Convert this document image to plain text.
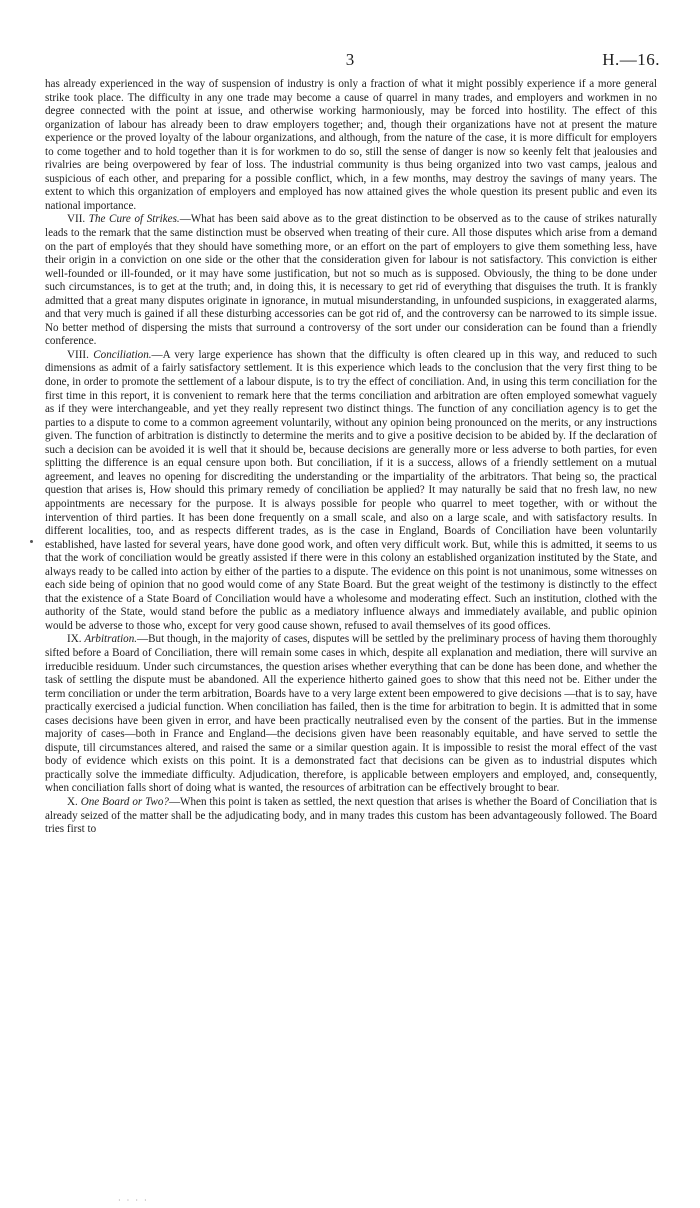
3	H.—16.

has already experienced in the way of suspension of industry is only a fraction of what it might possibly experience if a more general strike took place. The difficulty in any one trade may become a cause of quarrel in many trades, and employers and workmen in no degree connected with the point at issue, and otherwise working harmoniously, may be forced into hostility. The effect of this organization of labour has already been to draw employers together; and, though their organizations have not at present the mature experience or the proved loyalty of the labour organizations, and although, from the nature of the case, it is more difficult for employers to come together and to hold together than it is for workmen to do so, still the sense of danger is now so keenly felt that jealousies and rivalries are being overpowered by fear of loss. The industrial community is thus being organized into two vast camps, jealous and suspicious of each other, and preparing for a possible conflict, which, in a few months, may destroy the savings of many years. The extent to which this organization of employers and employed has now attained gives the whole question its present public and even its national importance.

VII. The Cure of Strikes.—What has been said above as to the great distinction to be observed as to the cause of strikes naturally leads to the remark that the same distinction must be observed when treating of their cure. All those disputes which arise from a demand on the part of employés that they should have something more, or an effort on the part of employers to give them something less, have their origin in a conviction on one side or the other that the consideration given for labour is not satisfactory. This conviction is either well-founded or ill-founded, or it may have some justification, but not so much as is supposed. Obviously, the thing to be done under such circumstances, is to get at the truth; and, in doing this, it is necessary to get rid of everything that disguises the truth. It is frankly admitted that a great many disputes originate in ignorance, in mutual misunderstanding, in unfounded suspicions, in exaggerated alarms, and that very much is gained if all these disturbing accessories can be got rid of, and the controversy can be narrowed to its simple issue. No better method of dispersing the mists that surround a controversy of the sort under our consideration can be found than a friendly conference.

VIII. Conciliation.—A very large experience has shown that the difficulty is often cleared up in this way, and reduced to such dimensions as admit of a fairly satisfactory settlement. It is this experience which leads to the conclusion that the very first thing to be done, in order to promote the settlement of a labour dispute, is to try the effect of conciliation. And, in using this term conciliation for the first time in this report, it is convenient to remark here that the terms conciliation and arbitration are often employed somewhat vaguely as if they were interchangeable, and yet they really represent two distinct things. The function of any conciliation agency is to get the parties to a dispute to come to a common agreement voluntarily, without any opinion being pronounced on the merits, or any instructions given. The function of arbitration is distinctly to determine the merits and to give a positive decision to be abided by. If the declaration of such a decision can be avoided it is well that it should be, because decisions are generally more or less adverse to both parties, for even splitting the difference is an equal censure upon both. But conciliation, if it is a success, allows of a friendly settlement on a mutual agreement, and leaves no opening for discrediting the understanding or the impartiality of the arbitrators. That being so, the practical question that arises is, How should this primary remedy of conciliation be applied? It may naturally be said that no fresh law, no new appointments are necessary for the purpose. It is always possible for people who quarrel to meet together, with or without the intervention of third parties. It has been done frequently on a small scale, and also on a large scale, and with satisfactory results. In different localities, too, and as respects different trades, as is the case in England, Boards of Conciliation have been voluntarily established, have lasted for several years, have done good work, and often very difficult work. But, while this is admitted, it seems to us that the work of conciliation would be greatly assisted if there were in this colony an established organization instituted by the State, and always ready to be called into action by either of the parties to a dispute. The evidence on this point is not unanimous, some witnesses on each side being of opinion that no good would come of any State Board. But the great weight of the testimony is distinctly to the effect that the existence of a State Board of Conciliation would have a wholesome and moderating effect. Such an institution, clothed with the authority of the State, would stand before the public as a mediatory influence always and immediately available, and public opinion would be adverse to those who, except for very good cause shown, refused to avail themselves of its good offices.

IX. Arbitration.—But though, in the majority of cases, disputes will be settled by the preliminary process of having them thoroughly sifted before a Board of Conciliation, there will remain some cases in which, despite all explanation and mediation, there will survive an irreducible residuum. Under such circumstances, the question arises whether everything that can be done has been done, and whether the task of settling the dispute must be abandoned. All the experience hitherto gained goes to show that this need not be. Either under the term conciliation or under the term arbitration, Boards have to a very large extent been empowered to give decisions —that is to say, have practically exercised a judicial function. When conciliation has failed, then is the time for arbitration to begin. It is admitted that in some cases decisions have been given in error, and have been practically neutralised even by the consent of the parties. But in the immense majority of cases—both in France and England—the decisions given have been reasonably equitable, and have served to settle the dispute, till circumstances altered, and raised the same or a similar question again. It is impossible to resist the moral effect of the vast body of evidence which exists on this point. It is a demonstrated fact that decisions can be given as to industrial disputes which practically solve the immediate difficulty. Adjudication, therefore, is applicable between employers and employed, and, consequently, when conciliation falls short of doing what is wanted, the resources of arbitration can be effectively brought to bear.

X. One Board or Two?—When this point is taken as settled, the next question that arises is whether the Board of Conciliation that is already seized of the matter shall be the adjudicating body, and in many trades this custom has been advantageously followed. The Board tries first to

· · · ·
